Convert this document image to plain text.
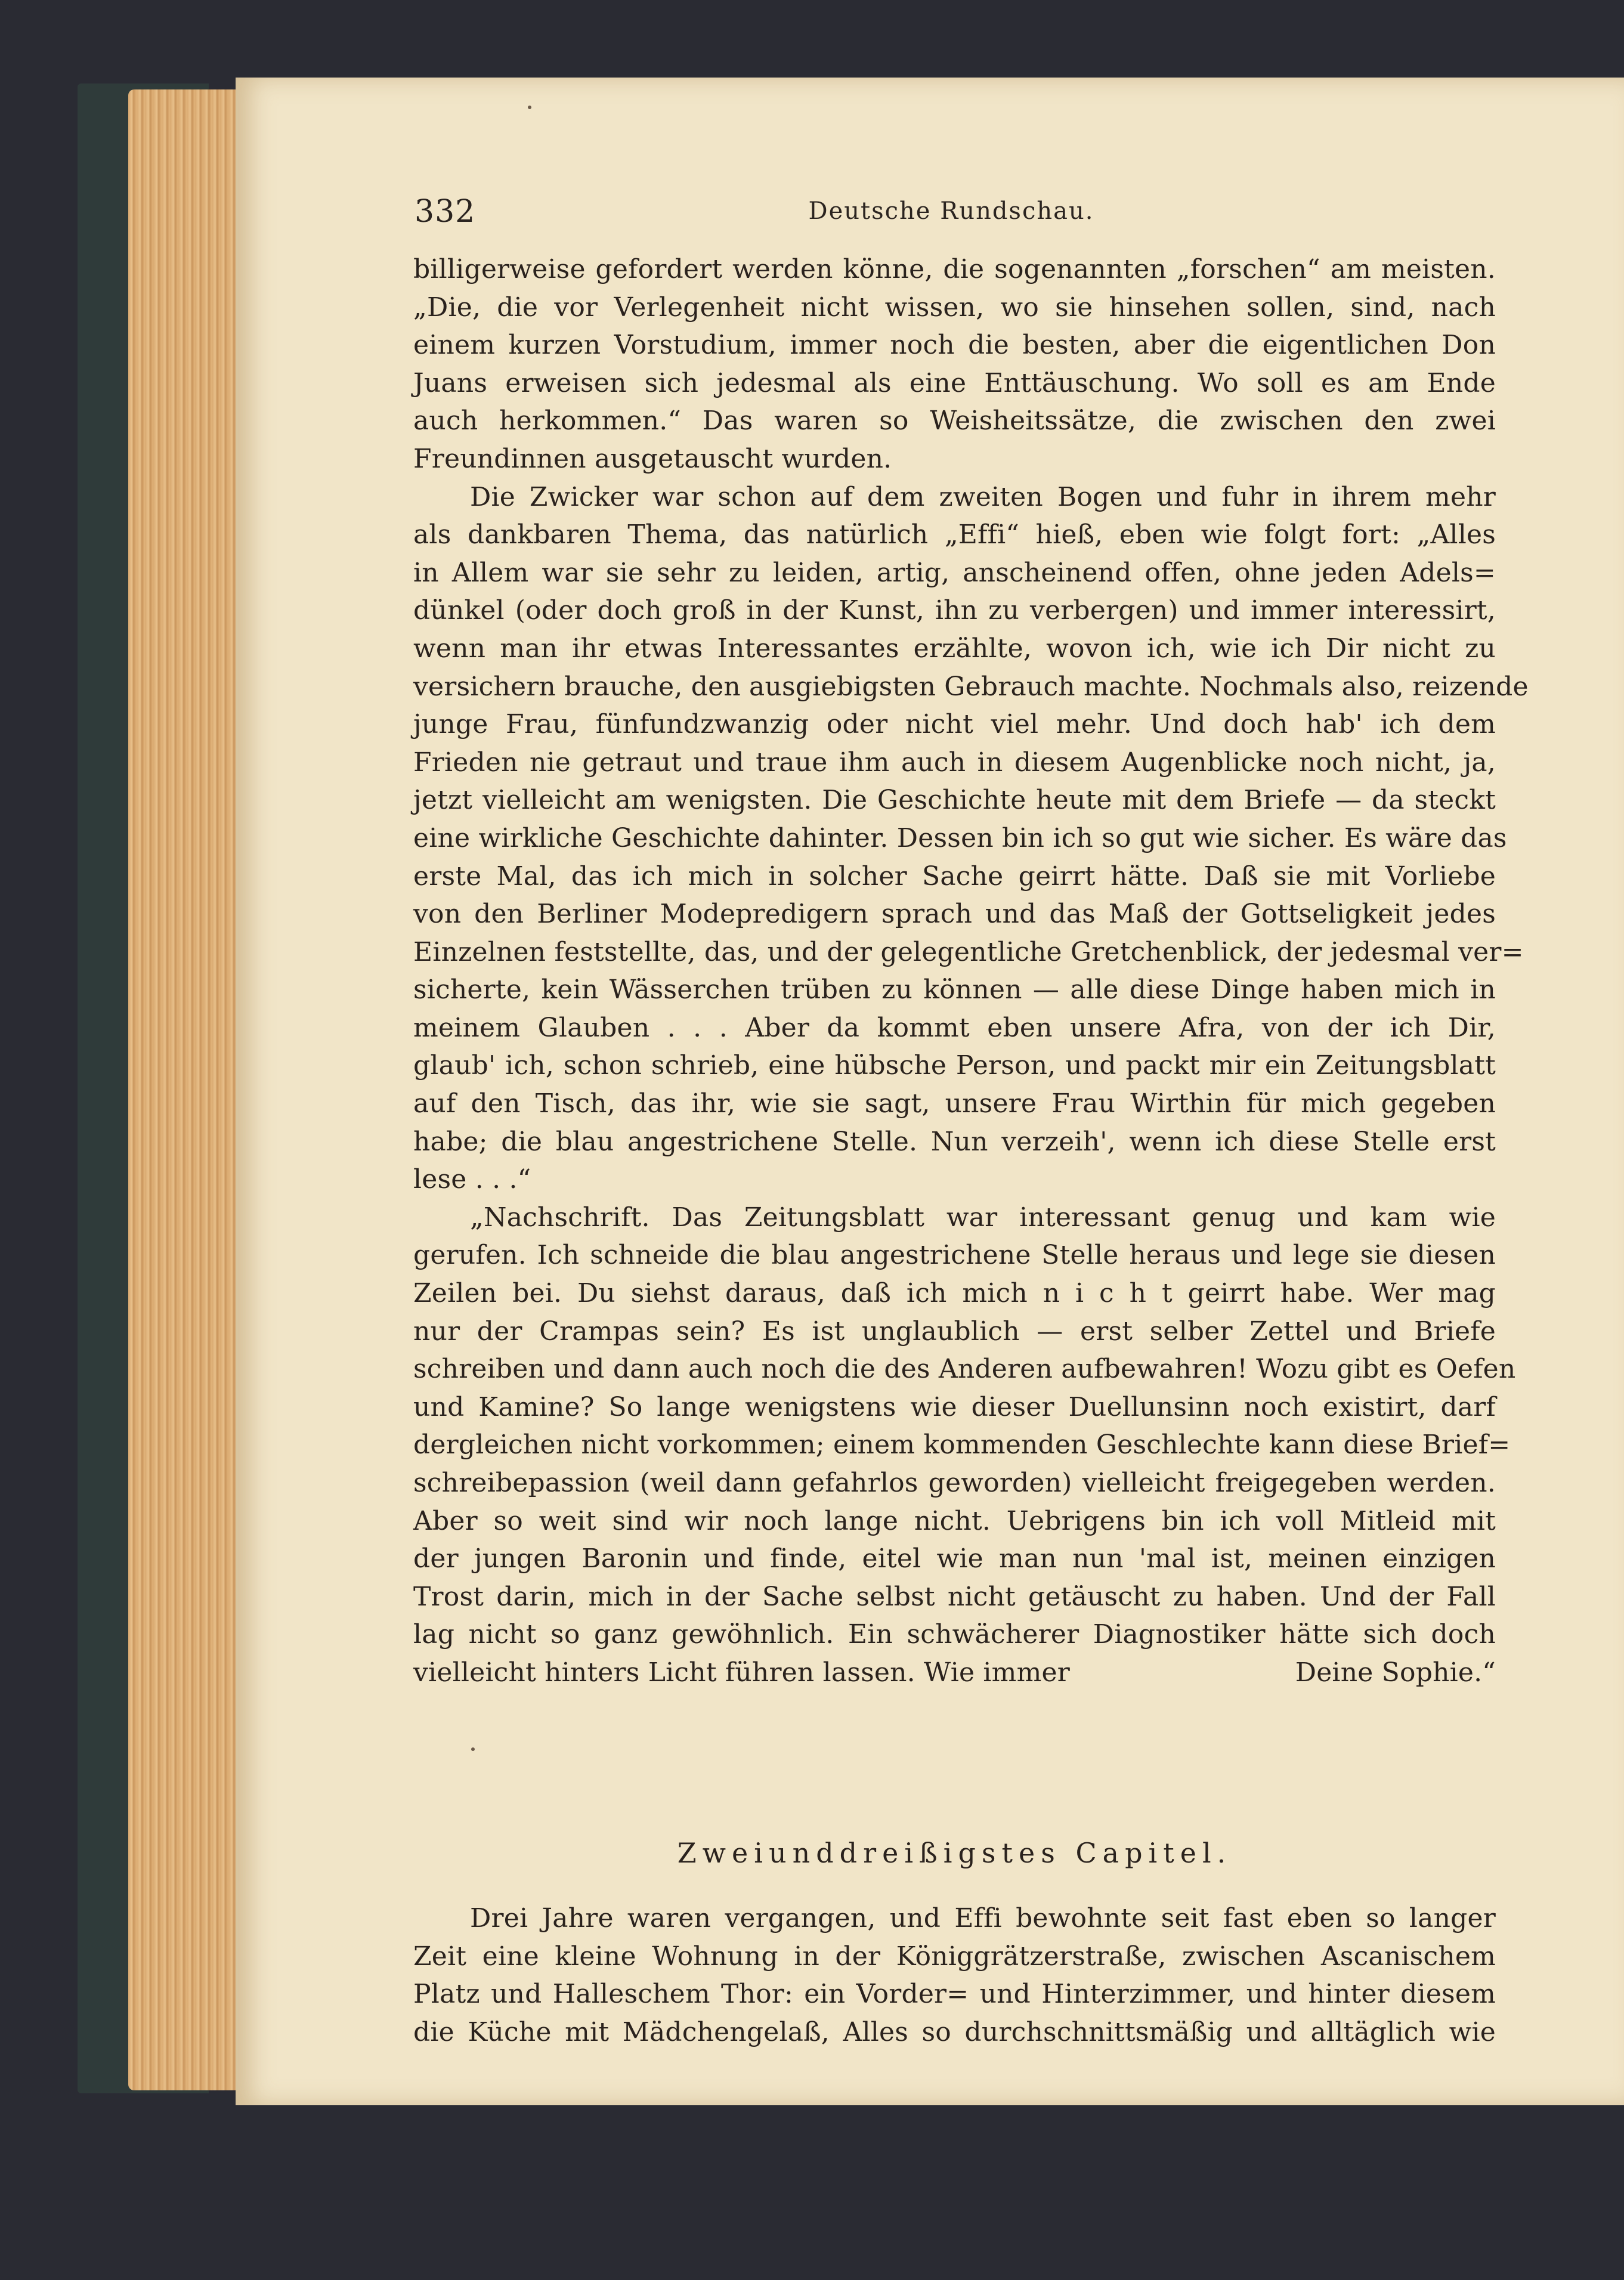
332	Deutsche Rundschau.
billigerweise gefordert werden könne, die sogenannten „forschen“ am meisten.
„Die, die vor Verlegenheit nicht wissen, wo sie hinsehen sollen, sind, nach
einem kurzen Vorstudium, immer noch die besten, aber die eigentlichen Don
Juans erweisen sich jedesmal als eine Enttäuschung. Wo soll es am Ende
auch herkommen.“ Das waren so Weisheitssätze, die zwischen den zwei
Freundinnen ausgetauscht wurden.
Die Zwicker war schon auf dem zweiten Bogen und fuhr in ihrem mehr
als dankbaren Thema, das natürlich „Effi“ hieß, eben wie folgt fort: „Alles
in Allem war sie sehr zu leiden, artig, anscheinend offen, ohne jeden Adels=
dünkel (oder doch groß in der Kunst, ihn zu verbergen) und immer interessirt,
wenn man ihr etwas Interessantes erzählte, wovon ich, wie ich Dir nicht zu
versichern brauche, den ausgiebigsten Gebrauch machte. Nochmals also, reizende
junge Frau, fünfundzwanzig oder nicht viel mehr. Und doch hab' ich dem
Frieden nie getraut und traue ihm auch in diesem Augenblicke noch nicht, ja,
jetzt vielleicht am wenigsten. Die Geschichte heute mit dem Briefe — da steckt
eine wirkliche Geschichte dahinter. Dessen bin ich so gut wie sicher. Es wäre das
erste Mal, das ich mich in solcher Sache geirrt hätte. Daß sie mit Vorliebe
von den Berliner Modepredigern sprach und das Maß der Gottseligkeit jedes
Einzelnen feststellte, das, und der gelegentliche Gretchenblick, der jedesmal ver=
sicherte, kein Wässerchen trüben zu können — alle diese Dinge haben mich in
meinem Glauben . . . Aber da kommt eben unsere Afra, von der ich Dir,
glaub' ich, schon schrieb, eine hübsche Person, und packt mir ein Zeitungsblatt
auf den Tisch, das ihr, wie sie sagt, unsere Frau Wirthin für mich gegeben
habe; die blau angestrichene Stelle. Nun verzeih', wenn ich diese Stelle erst
lese . . .“
„Nachschrift. Das Zeitungsblatt war interessant genug und kam wie
gerufen. Ich schneide die blau angestrichene Stelle heraus und lege sie diesen
Zeilen bei. Du siehst daraus, daß ich mich n i c h t geirrt habe. Wer mag
nur der Crampas sein? Es ist unglaublich — erst selber Zettel und Briefe
schreiben und dann auch noch die des Anderen aufbewahren! Wozu gibt es Oefen
und Kamine? So lange wenigstens wie dieser Duellunsinn noch existirt, darf
dergleichen nicht vorkommen; einem kommenden Geschlechte kann diese Brief=
schreibepassion (weil dann gefahrlos geworden) vielleicht freigegeben werden.
Aber so weit sind wir noch lange nicht. Uebrigens bin ich voll Mitleid mit
der jungen Baronin und finde, eitel wie man nun 'mal ist, meinen einzigen
Trost darin, mich in der Sache selbst nicht getäuscht zu haben. Und der Fall
lag nicht so ganz gewöhnlich. Ein schwächerer Diagnostiker hätte sich doch
vielleicht hinters Licht führen lassen. Wie immer	Deine Sophie.“
Zweiunddreißigstes Capitel.
Drei Jahre waren vergangen, und Effi bewohnte seit fast eben so langer
Zeit eine kleine Wohnung in der Königgrätzerstraße, zwischen Ascanischem
Platz und Halleschem Thor: ein Vorder= und Hinterzimmer, und hinter diesem
die Küche mit Mädchengelaß, Alles so durchschnittsmäßig und alltäglich wie
